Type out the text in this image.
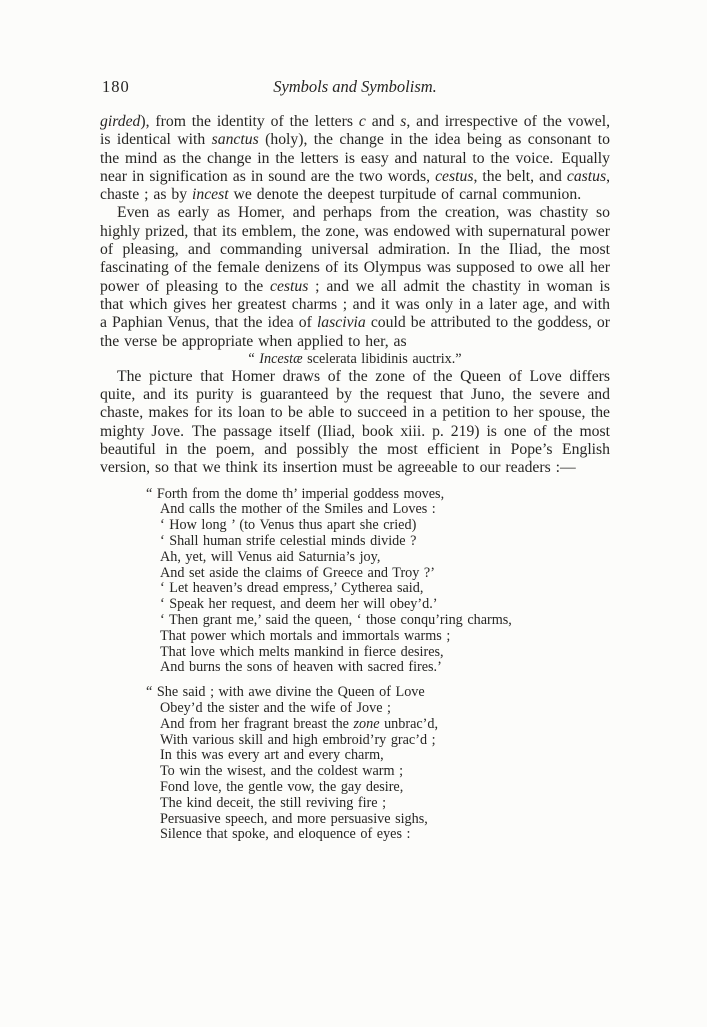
180	Symbols and Symbolism.

girded), from the identity of the letters c and s, and irrespective of the vowel, is identical with sanctus (holy), the change in the idea being as consonant to the mind as the change in the letters is easy and natural to the voice. Equally near in signification as in sound are the two words, cestus, the belt, and castus, chaste ; as by incest we denote the deepest turpitude of carnal communion.

Even as early as Homer, and perhaps from the creation, was chastity so highly prized, that its emblem, the zone, was endowed with supernatural power of pleasing, and commanding universal admiration. In the Iliad, the most fascinating of the female denizens of its Olympus was supposed to owe all her power of pleasing to the cestus ; and we all admit the chastity in woman is that which gives her greatest charms ; and it was only in a later age, and with a Paphian Venus, that the idea of lascivia could be attributed to the goddess, or the verse be appropriate when applied to her, as

“ Incestæ scelerata libidinis auctrix.”

The picture that Homer draws of the zone of the Queen of Love differs quite, and its purity is guaranteed by the request that Juno, the severe and chaste, makes for its loan to be able to succeed in a petition to her spouse, the mighty Jove. The passage itself (Iliad, book xiii. p. 219) is one of the most beautiful in the poem, and possibly the most efficient in Pope’s English version, so that we think its insertion must be agreeable to our readers :—

“ Forth from the dome th’ imperial goddess moves,
And calls the mother of the Smiles and Loves :
‘ How long ’ (to Venus thus apart she cried)
‘ Shall human strife celestial minds divide ?
Ah, yet, will Venus aid Saturnia’s joy,
And set aside the claims of Greece and Troy ?’
‘ Let heaven’s dread empress,’ Cytherea said,
‘ Speak her request, and deem her will obey’d.’
‘ Then grant me,’ said the queen, ‘ those conqu’ring charms,
That power which mortals and immortals warms ;
That love which melts mankind in fierce desires,
And burns the sons of heaven with sacred fires.’
“ She said ; with awe divine the Queen of Love
Obey’d the sister and the wife of Jove ;
And from her fragrant breast the zone unbrac’d,
With various skill and high embroid’ry grac’d ;
In this was every art and every charm,
To win the wisest, and the coldest warm ;
Fond love, the gentle vow, the gay desire,
The kind deceit, the still reviving fire ;
Persuasive speech, and more persuasive sighs,
Silence that spoke, and eloquence of eyes :
